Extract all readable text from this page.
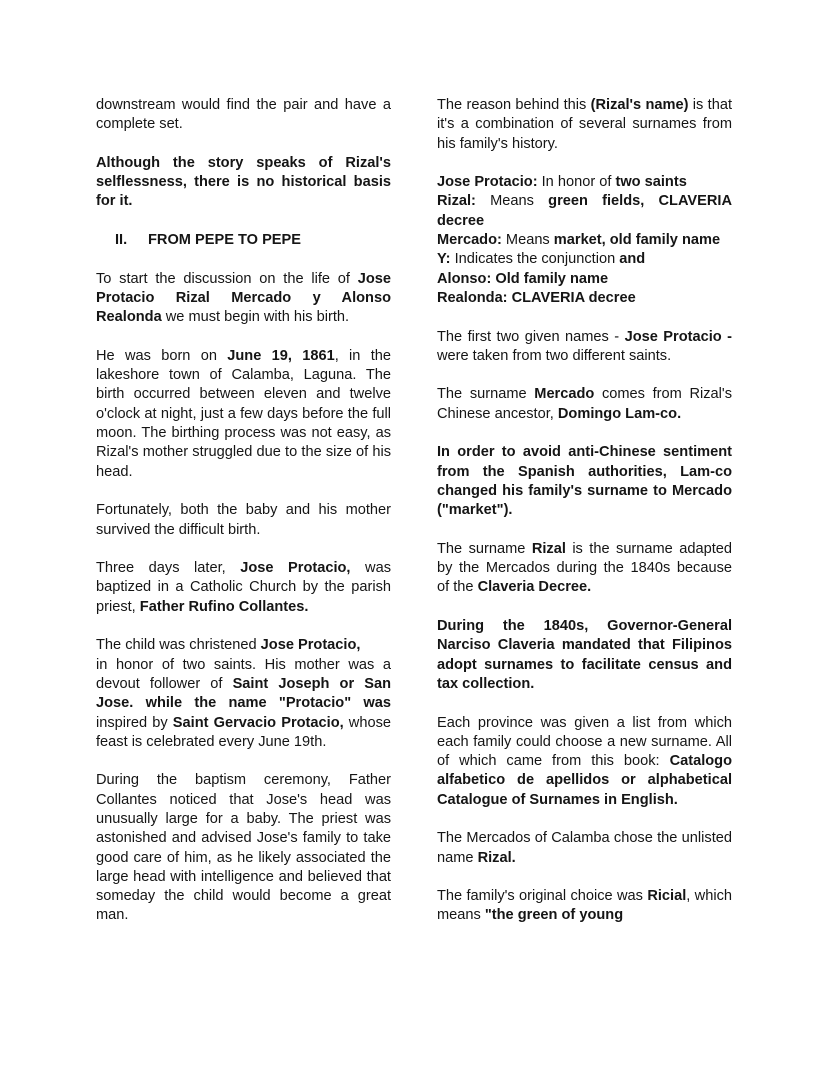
downstream would find the pair and have a complete set.

Although the story speaks of Rizal's selflessness, there is no historical basis for it.

II. FROM PEPE TO PEPE

To start the discussion on the life of Jose Protacio Rizal Mercado y Alonso Realonda we must begin with his birth.

He was born on June 19, 1861, in the lakeshore town of Calamba, Laguna. The birth occurred between eleven and twelve o'clock at night, just a few days before the full moon. The birthing process was not easy, as Rizal's mother struggled due to the size of his head.

Fortunately, both the baby and his mother survived the difficult birth.

Three days later, Jose Protacio, was baptized in a Catholic Church by the parish priest, Father Rufino Collantes.

The child was christened Jose Protacio,
in honor of two saints. His mother was a devout follower of Saint Joseph or San Jose. while the name "Protacio" was inspired by Saint Gervacio Protacio, whose feast is celebrated every June 19th.

During the baptism ceremony, Father Collantes noticed that Jose's head was unusually large for a baby. The priest was astonished and advised Jose's family to take good care of him, as he likely associated the large head with intelligence and believed that someday the child would become a great man.

The reason behind this (Rizal's name) is that it's a combination of several surnames from his family's history.

Jose Protacio: In honor of two saints

Rizal: Means green fields, CLAVERIA decree

Mercado: Means market, old family name

Y: Indicates the conjunction and

Alonso: Old family name

Realonda: CLAVERIA decree

The first two given names - Jose Protacio - were taken from two different saints.

The surname Mercado comes from Rizal's Chinese ancestor, Domingo Lam-co.

In order to avoid anti-Chinese sentiment from the Spanish authorities, Lam-co changed his family's surname to Mercado ("market").

The surname Rizal is the surname adapted by the Mercados during the 1840s because of the Claveria Decree.

During the 1840s, Governor-General Narciso Claveria mandated that Filipinos adopt surnames to facilitate census and tax collection.

Each province was given a list from which each family could choose a new surname. All of which came from this book: Catalogo alfabetico de apellidos or alphabetical Catalogue of Surnames in English.

The Mercados of Calamba chose the unlisted name Rizal.

The family's original choice was Ricial, which means "the green of young
